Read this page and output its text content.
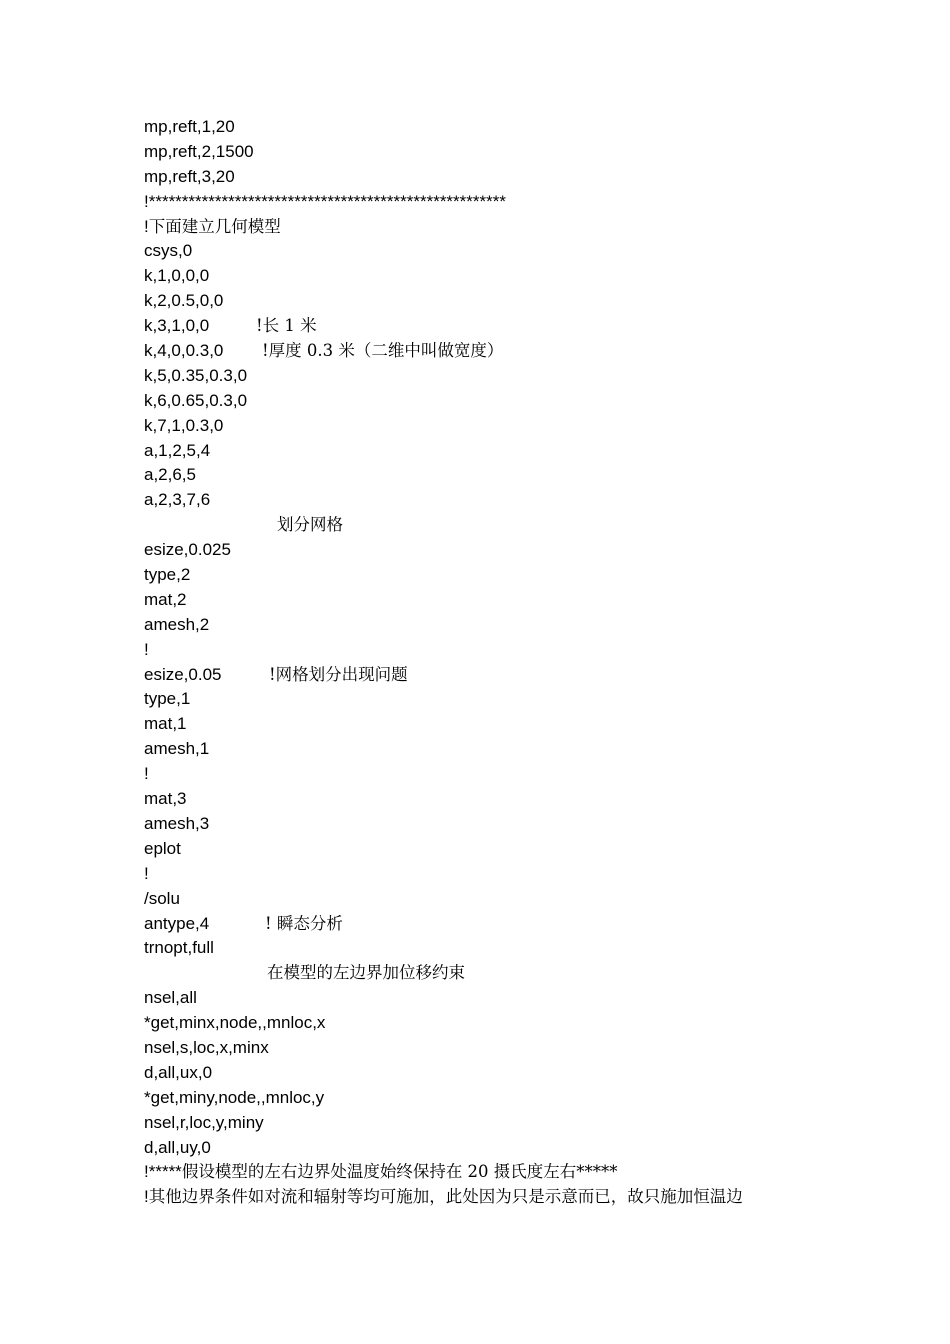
mp,reft,1,20
mp,reft,2,1500
mp,reft,3,20
!******************************************************
!下面建立几何模型
csys,0
k,1,0,0,0
k,2,0.5,0,0
k,3,1,0,0	!长 1 米
k,4,0,0.3,0 !厚度 0.3 米（二维中叫做宽度）
k,5,0.35,0.3,0
k,6,0.65,0.3,0
k,7,1,0.3,0
a,1,2,5,4
a,2,6,5
a,2,3,7,6
划分网格
esize,0.025
type,2
mat,2
amesh,2
!
esize,0.05	!网格划分出现问题
type,1
mat,1
amesh,1
!
mat,3
amesh,3
eplot
!
/solu
antype,4	! 瞬态分析
trnopt,full
在模型的左边界加位移约束
nsel,all
*get,minx,node,,mnloc,x
nsel,s,loc,x,minx
d,all,ux,0
*get,miny,node,,mnloc,y
nsel,r,loc,y,miny
d,all,uy,0
!*****假设模型的左右边界处温度始终保持在 20 摄氏度左右*****
!其他边界条件如对流和辐射等均可施加，此处因为只是示意而已，故只施加恒温边
